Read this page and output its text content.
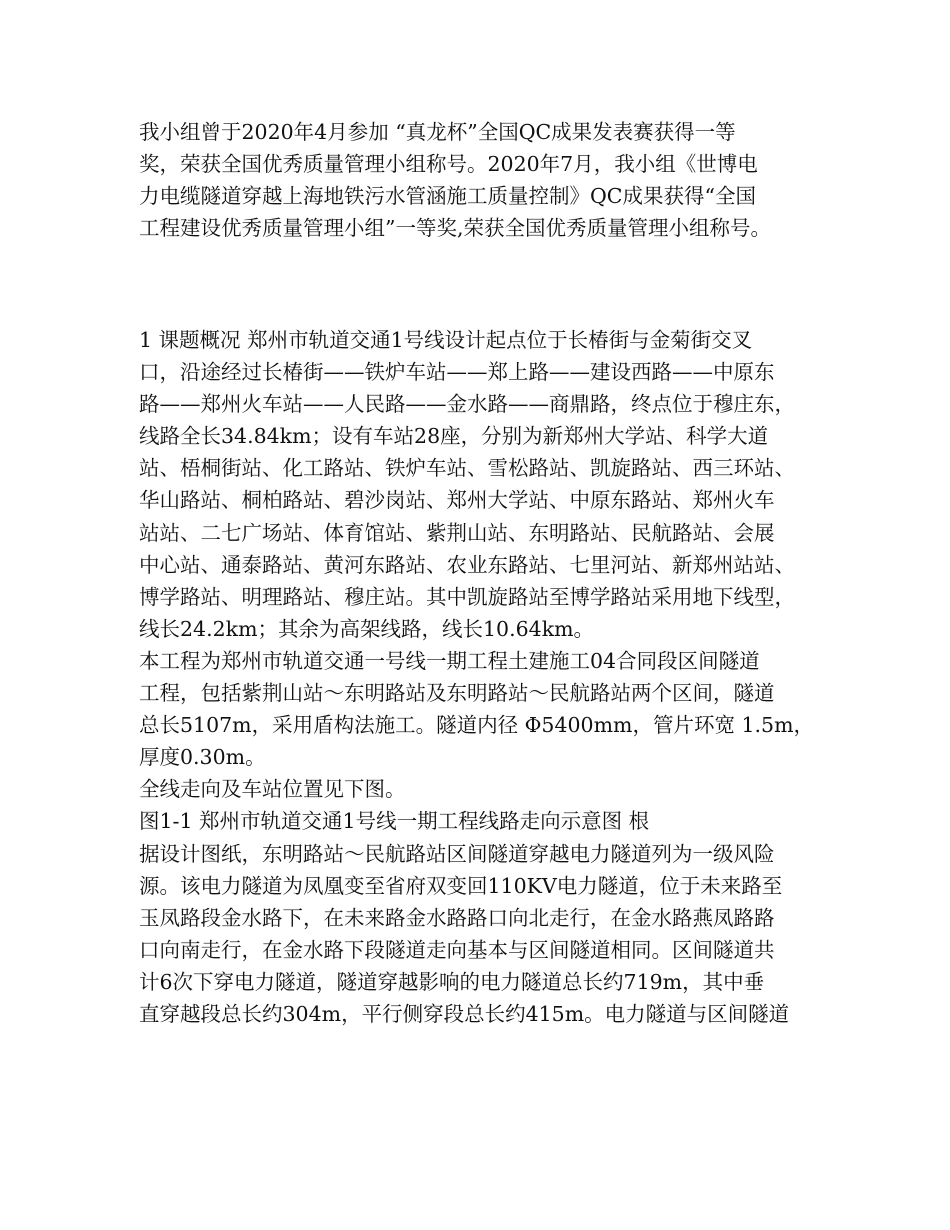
我小组曾于2020年4月参加 “真龙杯”全国QC成果发表赛获得一等
奖，荣获全国优秀质量管理小组称号。2020年7月，我小组《世博电
力电缆隧道穿越上海地铁污水管涵施工质量控制》QC成果获得“全国
工程建设优秀质量管理小组”一等奖,荣获全国优秀质量管理小组称号。
1 课题概况 郑州市轨道交通1号线设计起点位于长椿街与金菊街交叉
口，沿途经过长椿街——铁炉车站——郑上路——建设西路——中原东
路——郑州火车站——人民路——金水路——商鼎路，终点位于穆庄东，
线路全长34.84km；设有车站28座，分别为新郑州大学站、科学大道
站、梧桐街站、化工路站、铁炉车站、雪松路站、凯旋路站、西三环站、
华山路站、桐柏路站、碧沙岗站、郑州大学站、中原东路站、郑州火车
站站、二七广场站、体育馆站、紫荆山站、东明路站、民航路站、会展
中心站、通泰路站、黄河东路站、农业东路站、七里河站、新郑州站站、
博学路站、明理路站、穆庄站。其中凯旋路站至博学路站采用地下线型，
线长24.2km；其余为高架线路，线长10.64km。
本工程为郑州市轨道交通一号线一期工程土建施工04合同段区间隧道
工程，包括紫荆山站～东明路站及东明路站～民航路站两个区间，隧道
总长5107m，采用盾构法施工。隧道内径 Φ5400mm，管片环宽 1.5m，
厚度0.30m。
全线走向及车站位置见下图。
图1-1 郑州市轨道交通1号线一期工程线路走向示意图 根
据设计图纸，东明路站～民航路站区间隧道穿越电力隧道列为一级风险
源。该电力隧道为凤凰变至省府双变回110KV电力隧道，位于未来路至
玉凤路段金水路下，在未来路金水路路口向北走行，在金水路燕凤路路
口向南走行，在金水路下段隧道走向基本与区间隧道相同。区间隧道共
计6次下穿电力隧道，隧道穿越影响的电力隧道总长约719m，其中垂
直穿越段总长约304m，平行侧穿段总长约415m。电力隧道与区间隧道
